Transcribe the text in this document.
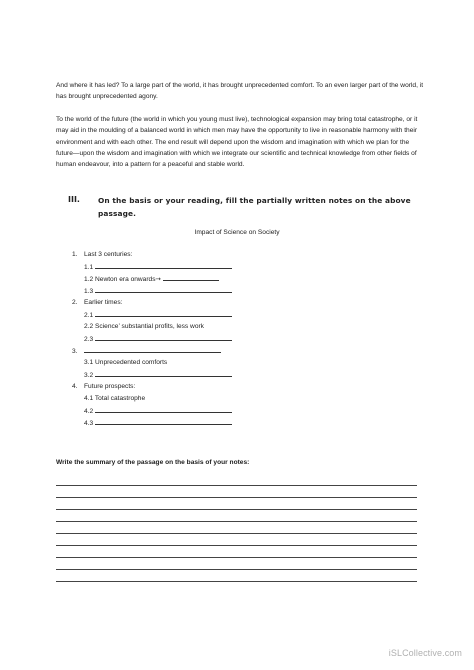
And where it has led? To a large part of the world, it has brought unprecedented comfort. To an even larger part of the world, it has brought unprecedented agony.

To the world of the future (the world in which you young must live), technological expansion may bring total catastrophe, or it may aid in the moulding of a balanced world in which men may have the opportunity to live in reasonable harmony with their environment and with each other. The end result will depend upon the wisdom and imagination with which we plan for the future—upon the wisdom and imagination with which we integrate our scientific and technical knowledge from other fields of human endeavour, into a pattern for a peaceful and stable world.

III. On the basis or your reading, fill the partially written notes on the above passage.
Impact of Science on Society
1. Last 3 centuries:
1.1
1.2 Newton era onwards→
1.3
2. Earlier times:
2.1
2.2 Science’ substantial profits, less work
2.3
3.
3.1 Unprecedented comforts
3.2
4. Future prospects:
4.1 Total catastrophe
4.2
4.3
Write the summary of the passage on the basis of your notes:
iSLCollective.com
